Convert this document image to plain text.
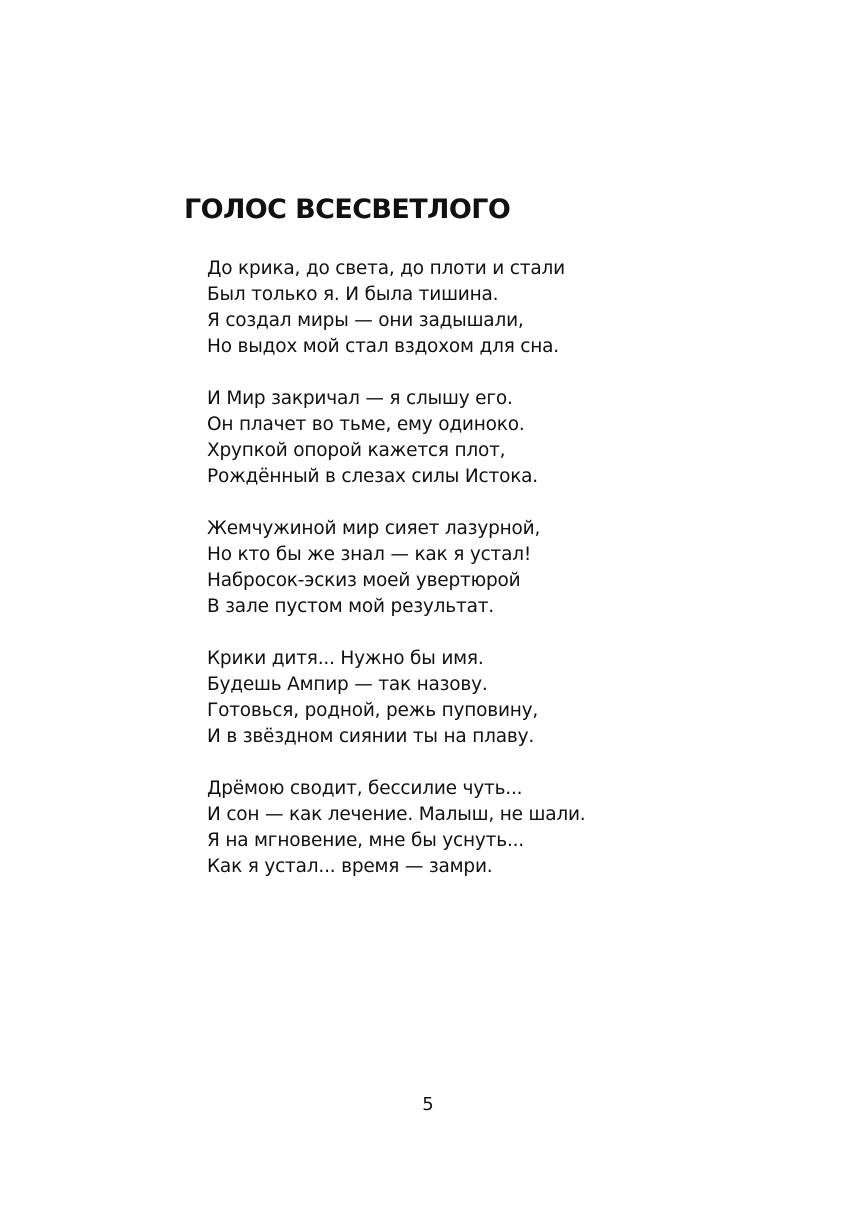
ГОЛОС ВСЕСВЕТЛОГО
До крика, до света, до плоти и стали
Был только я. И была тишина.
Я создал миры — они задышали,
Но выдох мой стал вздохом для сна.
И Мир закричал — я слышу его.
Он плачет во тьме, ему одиноко.
Хрупкой опорой кажется плот,
Рождённый в слезах силы Истока.
Жемчужиной мир сияет лазурной,
Но кто бы же знал — как я устал!
Набросок-эскиз моей увертюрой
В зале пустом мой результат.
Крики дитя... Нужно бы имя.
Будешь Ампир — так назову.
Готовься, родной, режь пуповину,
И в звёздном сиянии ты на плаву.
Дрёмою сводит, бессилие чуть...
И сон — как лечение. Малыш, не шали.
Я на мгновение, мне бы уснуть...
Как я устал... время — замри.
5
